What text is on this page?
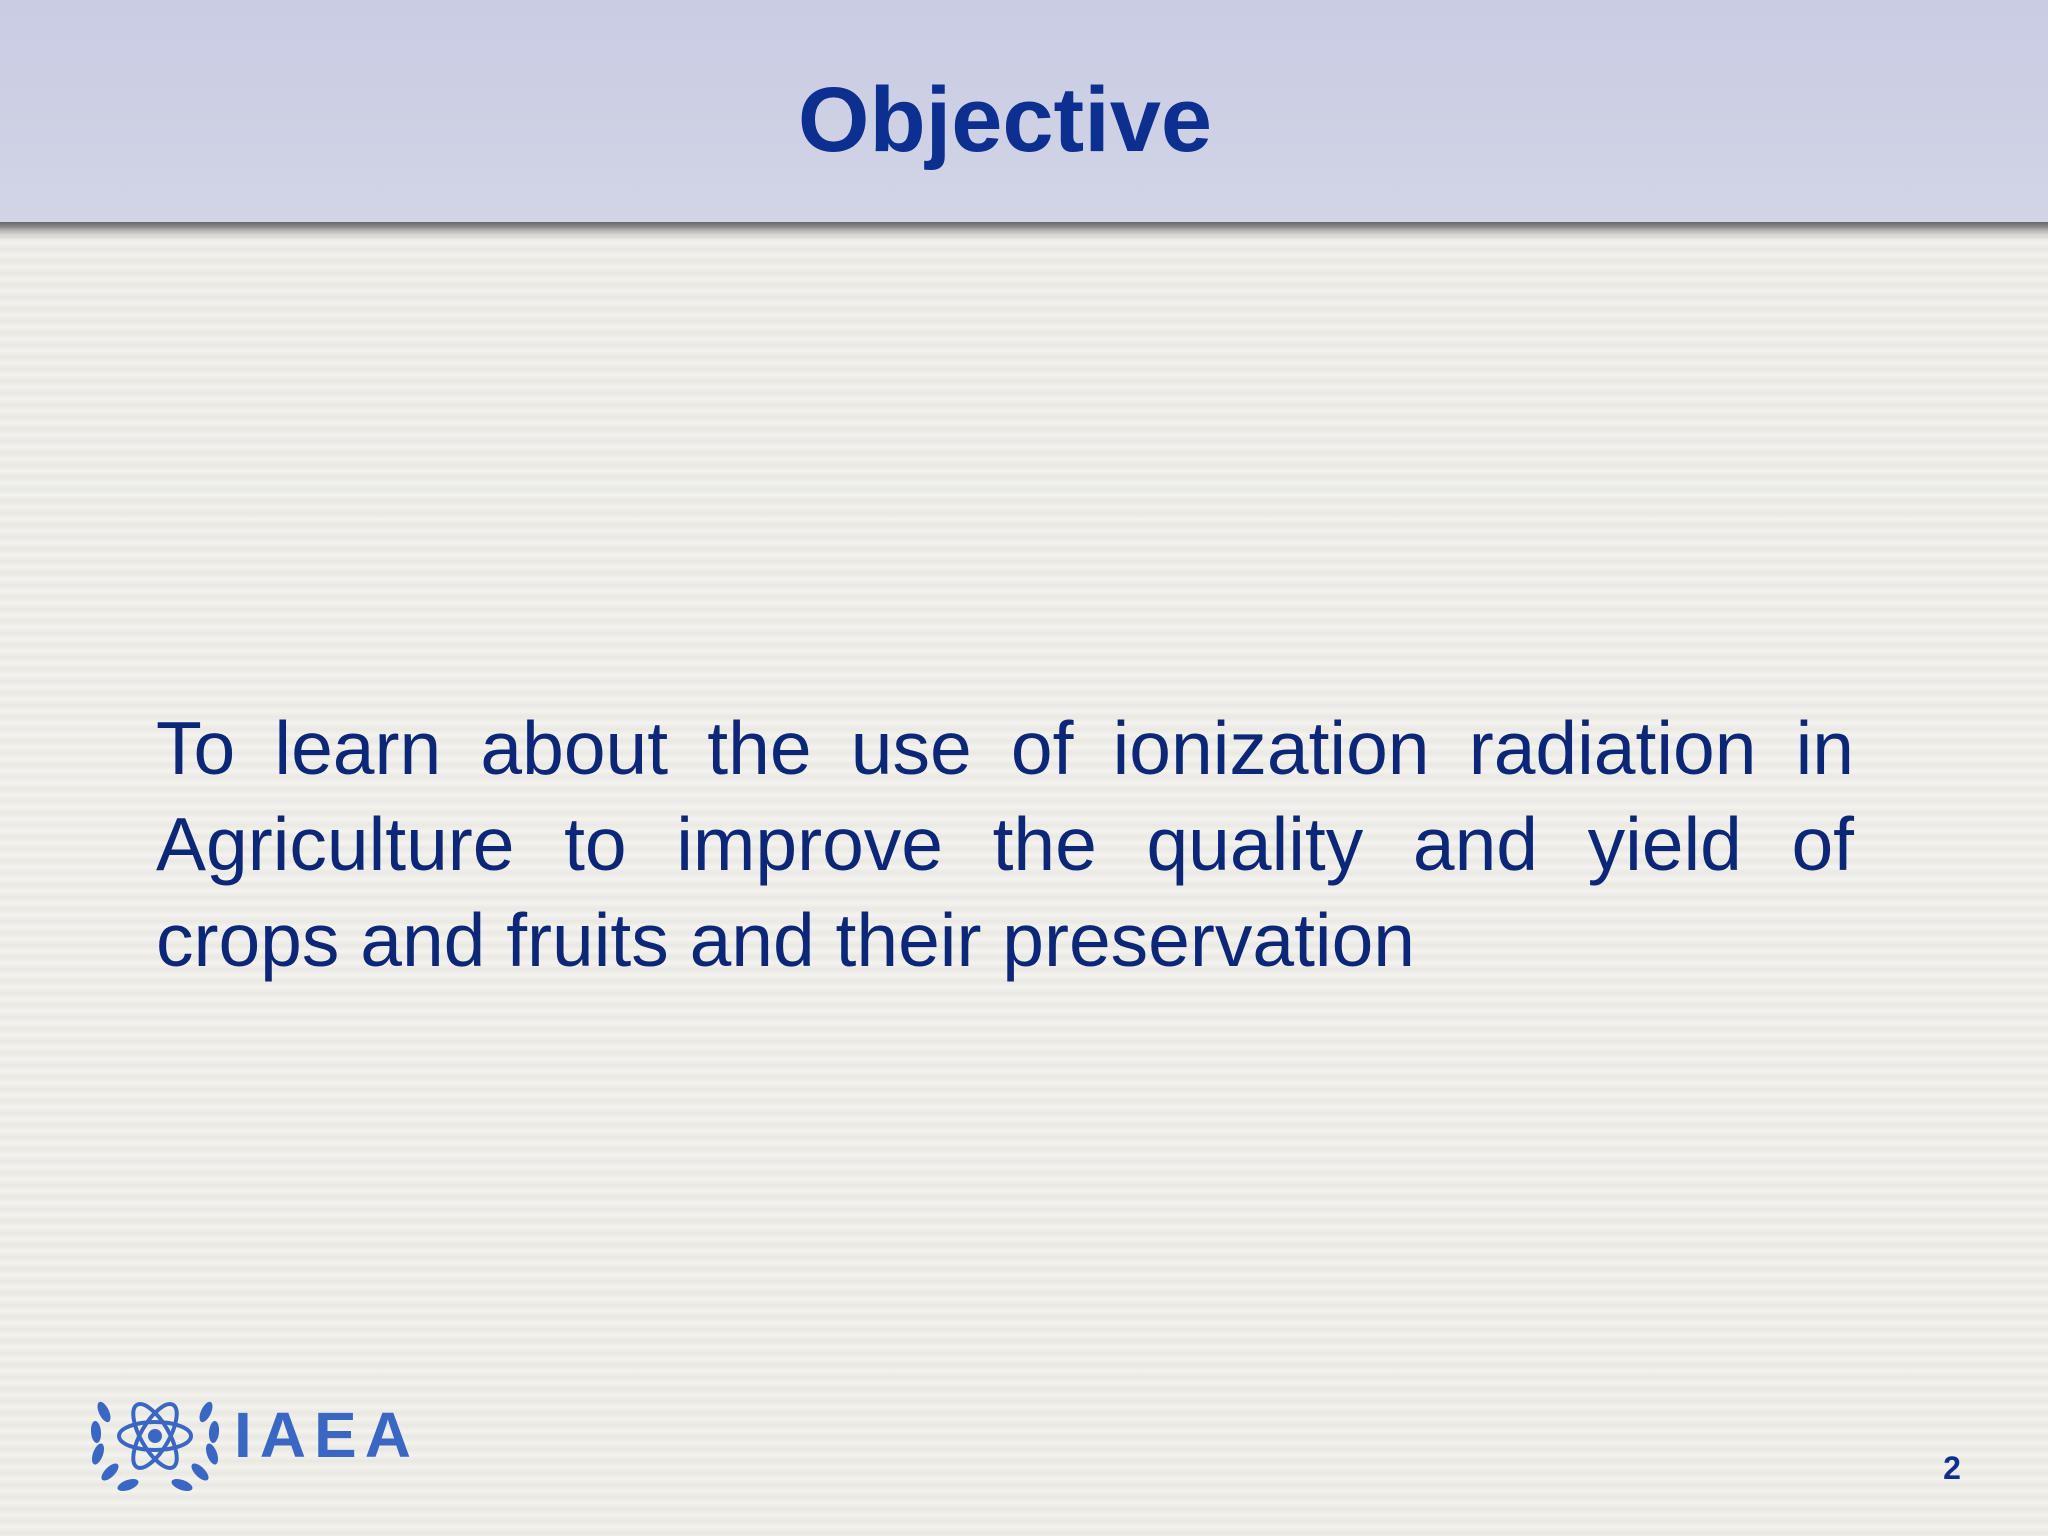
Objective

To learn about the use of ionization radiation in Agriculture to improve the quality and yield of crops and fruits and their preservation

IAEA	2
